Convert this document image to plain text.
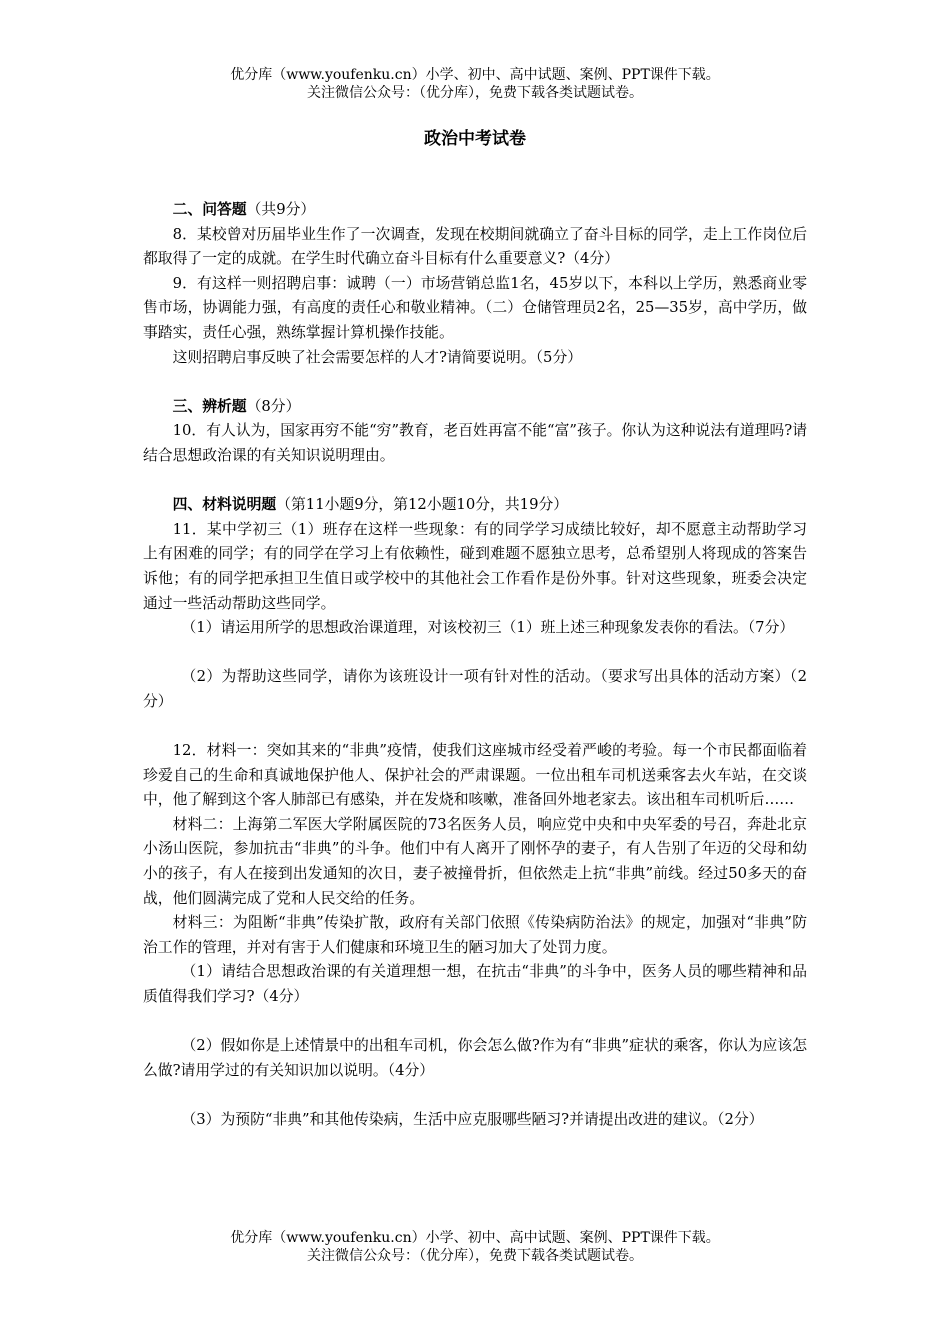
优分库（www.youfenku.cn）小学、初中、高中试题、案例、PPT课件下载。
关注微信公众号：（优分库），免费下载各类试题试卷。
政治中考试卷

二、问答题（共9分）

8．某校曾对历届毕业生作了一次调查，发现在校期间就确立了奋斗目标的同学，走上工作岗位后都取得了一定的成就。在学生时代确立奋斗目标有什么重要意义?（4分）

9．有这样一则招聘启事：诚聘（一）市场营销总监1名，45岁以下，本科以上学历，熟悉商业零售市场，协调能力强，有高度的责任心和敬业精神。（二）仓储管理员2名，25—35岁，高中学历，做事踏实，责任心强，熟练掌握计算机操作技能。

这则招聘启事反映了社会需要怎样的人才?请简要说明。（5分）

三、辨析题（8分）

10．有人认为，国家再穷不能“穷”教育，老百姓再富不能“富”孩子。你认为这种说法有道理吗?请结合思想政治课的有关知识说明理由。

四、材料说明题（第11小题9分，第12小题10分，共19分）

11．某中学初三（1）班存在这样一些现象：有的同学学习成绩比较好，却不愿意主动帮助学习上有困难的同学；有的同学在学习上有依赖性，碰到难题不愿独立思考，总希望别人将现成的答案告诉他；有的同学把承担卫生值日或学校中的其他社会工作看作是份外事。针对这些现象，班委会决定通过一些活动帮助这些同学。

（1）请运用所学的思想政治课道理，对该校初三（1）班上述三种现象发表你的看法。（7分）

（2）为帮助这些同学，请你为该班设计一项有针对性的活动。（要求写出具体的活动方案）（2分）

12．材料一：突如其来的“非典”疫情，使我们这座城市经受着严峻的考验。每一个市民都面临着珍爱自己的生命和真诚地保护他人、保护社会的严肃课题。一位出租车司机送乘客去火车站，在交谈中，他了解到这个客人肺部已有感染，并在发烧和咳嗽，准备回外地老家去。该出租车司机听后……

材料二：上海第二军医大学附属医院的73名医务人员，响应党中央和中央军委的号召，奔赴北京小汤山医院，参加抗击“非典”的斗争。他们中有人离开了刚怀孕的妻子，有人告别了年迈的父母和幼小的孩子，有人在接到出发通知的次日，妻子被撞骨折，但依然走上抗“非典”前线。经过50多天的奋战，他们圆满完成了党和人民交给的任务。

材料三：为阻断“非典”传染扩散，政府有关部门依照《传染病防治法》的规定，加强对“非典”防治工作的管理，并对有害于人们健康和环境卫生的陋习加大了处罚力度。

（1）请结合思想政治课的有关道理想一想，在抗击“非典”的斗争中，医务人员的哪些精神和品质值得我们学习?（4分）

（2）假如你是上述情景中的出租车司机，你会怎么做?作为有“非典”症状的乘客，你认为应该怎么做?请用学过的有关知识加以说明。（4分）

（3）为预防“非典”和其他传染病，生活中应克服哪些陋习?并请提出改进的建议。（2分）

优分库（www.youfenku.cn）小学、初中、高中试题、案例、PPT课件下载。
关注微信公众号：（优分库），免费下载各类试题试卷。
